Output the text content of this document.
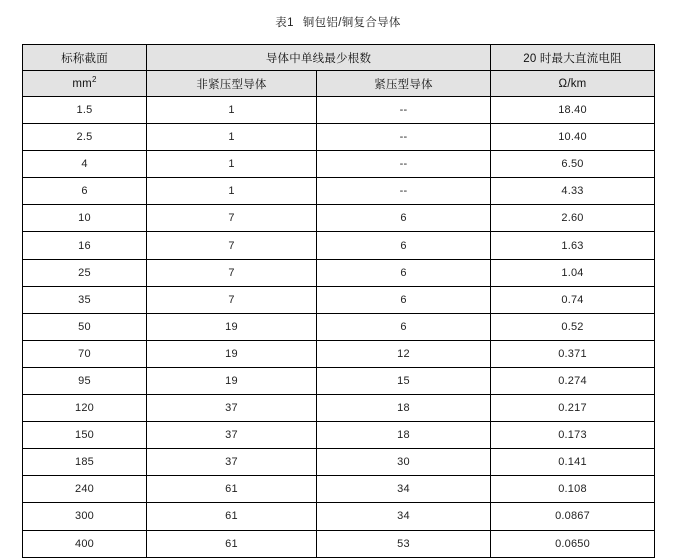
表1 铜包铝/铜复合导体
标称截面	导体中单线最少根数		20 时最大直流电阻
$mm^2$	非紧压型导体	紧压型导体	Ω/km
1.5	1	--	18.40
2.5	1	--	10.40
4	1	--	6.50
6	1	--	4.33
10	7	6	2.60
16	7	6	1.63
25	7	6	1.04
35	7	6	0.74
50	19	6	0.52
70	19	12	0.371
95	19	15	0.274
120	37	18	0.217
150	37	18	0.173
185	37	30	0.141
240	61	34	0.108
300	61	34	0.0867
400	61	53	0.0650
